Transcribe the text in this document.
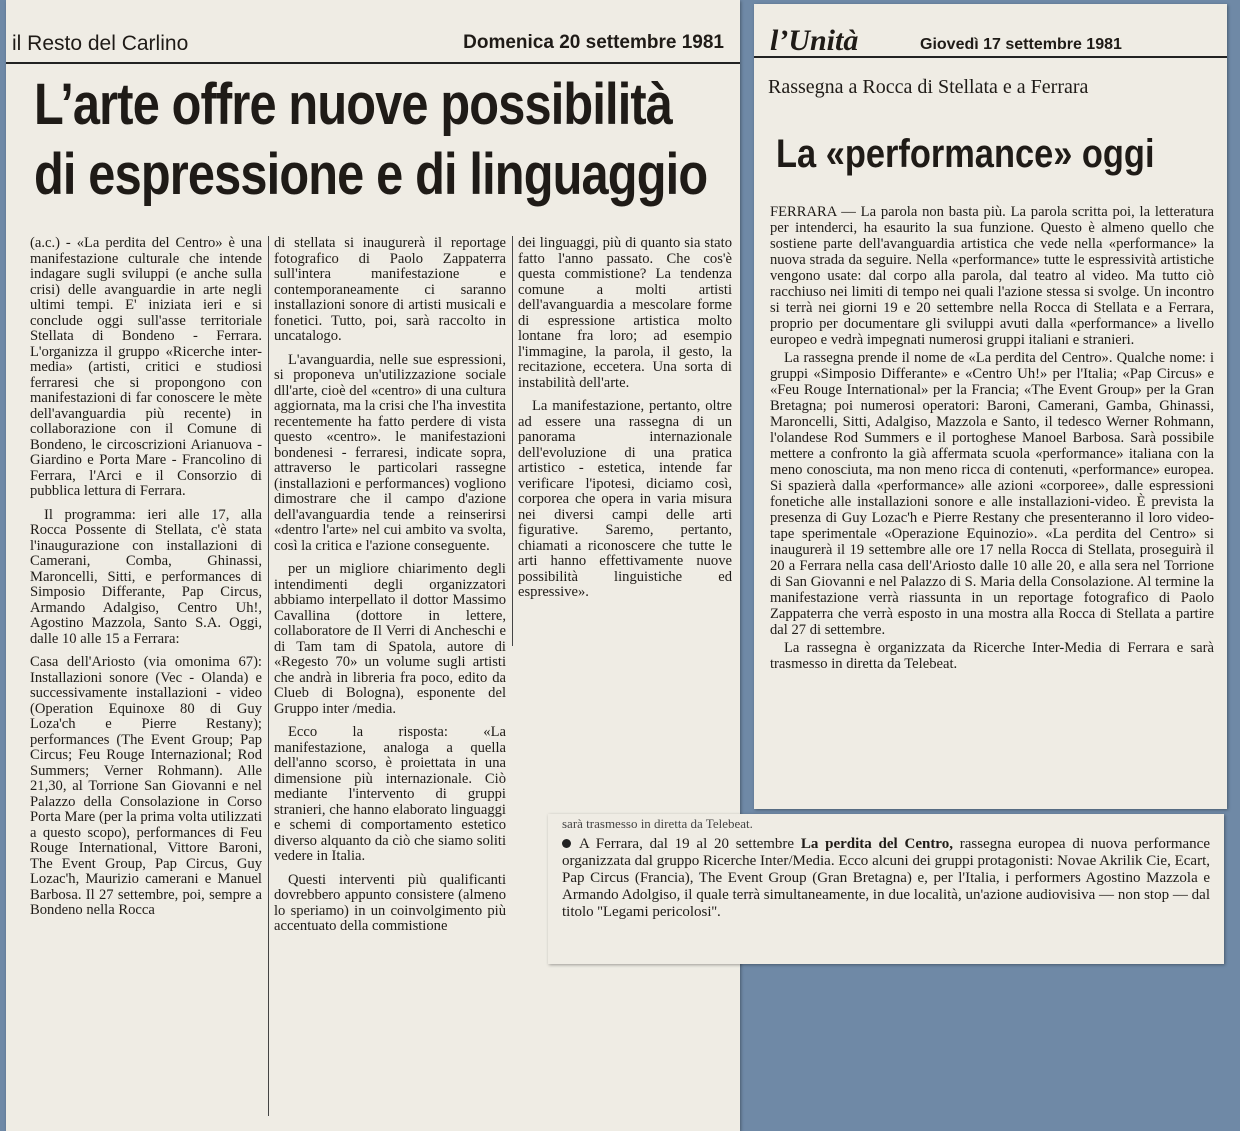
il Resto del Carlino	Domenica 20 settembre 1981
L’arte offre nuove possibilità
di espressione e di linguaggio

(a.c.) - «La perdita del Centro» è una manifestazione culturale che intende indagare sugli sviluppi (e anche sulla crisi) delle avanguardie in arte negli ultimi tempi. E' iniziata ieri e si conclude oggi sull'asse territoriale Stellata di Bondeno - Ferrara. L'organizza il gruppo «Ricerche inter-media» (artisti, critici e studiosi ferraresi che si propongono con manifestazioni di far conoscere le mète dell'avanguardia più recente) in collaborazione con il Comune di Bondeno, le circoscrizioni Arianuova - Giardino e Porta Mare - Francolino di Ferrara, l'Arci e il Consorzio di pubblica lettura di Ferrara.

Il programma: ieri alle 17, alla Rocca Possente di Stellata, c'è stata l'inaugurazione con installazioni di Camerani, Comba, Ghinassi, Maroncelli, Sitti, e performances di Simposio Differante, Pap Circus, Armando Adalgiso, Centro Uh!, Agostino Mazzola, Santo S.A. Oggi, dalle 10 alle 15 a Ferrara:

Casa dell'Ariosto (via omonima 67): Installazioni sonore (Vec - Olanda) e successivamente installazioni - video (Operation Equinoxe 80 di Guy Loza'ch e Pierre Restany); performances (The Event Group; Pap Circus; Feu Rouge Internazional; Rod Summers; Verner Rohmann). Alle 21,30, al Torrione San Giovanni e nel Palazzo della Consolazione in Corso Porta Mare (per la prima volta utilizzati a questo scopo), performances di Feu Rouge International, Vittore Baroni, The Event Group, Pap Circus, Guy Lozac'h, Maurizio camerani e Manuel Barbosa. Il 27 settembre, poi, sempre a Bondeno nella Rocca

di stellata si inaugurerà il reportage fotografico di Paolo Zappaterra sull'intera manifestazione e contemporaneamente ci saranno installazioni sonore di artisti musicali e fonetici. Tutto, poi, sarà raccolto in uncatalogo.

L'avanguardia, nelle sue espressioni, si proponeva un'utilizzazione sociale dll'arte, cioè del «centro» di una cultura aggiornata, ma la crisi che l'ha investita recentemente ha fatto perdere di vista questo «centro». le manifestazioni bondenesi - ferraresi, indicate sopra, attraverso le particolari rassegne (installazioni e performances) vogliono dimostrare che il campo d'azione dell'avanguardia tende a reinserirsi «dentro l'arte» nel cui ambito va svolta, così la critica e l'azione conseguente.

per un migliore chiarimento degli intendimenti degli organizzatori abbiamo interpellato il dottor Massimo Cavallina (dottore in lettere, collaboratore de Il Verri di Ancheschi e di Tam tam di Spatola, autore di «Regesto 70» un volume sugli artisti che andrà in libreria fra poco, edito da Clueb di Bologna), esponente del Gruppo inter /media.

Ecco la risposta: «La manifestazione, analoga a quella dell'anno scorso, è proiettata in una dimensione più internazionale. Ciò mediante l'intervento di gruppi stranieri, che hanno elaborato linguaggi e schemi di comportamento estetico diverso alquanto da ciò che siamo soliti vedere in Italia.

Questi interventi più qualificanti dovrebbero appunto consistere (almeno lo speriamo) in un coinvolgimento più accentuato della commistione

dei linguaggi, più di quanto sia stato fatto l'anno passato. Che cos'è questa commistione? La tendenza comune a molti artisti dell'avanguardia a mescolare forme di espressione artistica molto lontane fra loro; ad esempio l'immagine, la parola, il gesto, la recitazione, eccetera. Una sorta di instabilità dell'arte.

La manifestazione, pertanto, oltre ad essere una rassegna di un panorama internazionale dell'evoluzione di una pratica artistico - estetica, intende far verificare l'ipotesi, diciamo così, corporea che opera in varia misura nei diversi campi delle arti figurative. Saremo, pertanto, chiamati a riconoscere che tutte le arti hanno effettivamente nuove possibilità linguistiche ed espressive».

l’Unità	Giovedì 17 settembre 1981
Rassegna a Rocca di Stellata e a Ferrara
La «performance» oggi

FERRARA — La parola non basta più. La parola scritta poi, la letteratura per intenderci, ha esaurito la sua funzione. Questo è almeno quello che sostiene parte dell'avanguardia artistica che vede nella «performance» la nuova strada da seguire. Nella «performance» tutte le espressività artistiche vengono usate: dal corpo alla parola, dal teatro al video. Ma tutto ciò racchiuso nei limiti di tempo nei quali l'azione stessa si svolge. Un incontro si terrà nei giorni 19 e 20 settembre nella Rocca di Stellata e a Ferrara, proprio per documentare gli sviluppi avuti dalla «performance» a livello europeo e vedrà impegnati numerosi gruppi italiani e stranieri.

La rassegna prende il nome de «La perdita del Centro». Qualche nome: i gruppi «Simposio Differante» e «Centro Uh!» per l'Italia; «Pap Circus» e «Feu Rouge International» per la Francia; «The Event Group» per la Gran Bretagna; poi numerosi operatori: Baroni, Camerani, Gamba, Ghinassi, Maroncelli, Sitti, Adalgiso, Mazzola e Santo, il tedesco Werner Rohmann, l'olandese Rod Summers e il portoghese Manoel Barbosa. Sarà possibile mettere a confronto la già affermata scuola «performance» italiana con la meno conosciuta, ma non meno ricca di contenuti, «performance» europea. Si spazierà dalla «performance» alle azioni «corporee», dalle espressioni fonetiche alle installazioni sonore e alle installazioni-video. È prevista la presenza di Guy Lozac'h e Pierre Restany che presenteranno il loro video-tape sperimentale «Operazione Equinozio». «La perdita del Centro» si inaugurerà il 19 settembre alle ore 17 nella Rocca di Stellata, proseguirà il 20 a Ferrara nella casa dell'Ariosto dalle 10 alle 20, e alla sera nel Torrione di San Giovanni e nel Palazzo di S. Maria della Consolazione. Al termine la manifestazione verrà riassunta in un reportage fotografico di Paolo Zappaterra che verrà esposto in una mostra alla Rocca di Stellata a partire dal 27 di settembre.

La rassegna è organizzata da Ricerche Inter-Media di Ferrara e sarà trasmesso in diretta da Telebeat.

sarà trasmesso in diretta da Telebeat.
A Ferrara, dal 19 al 20 settembre La perdita del Centro, rassegna europea di nuova performance organizzata dal gruppo Ricerche Inter/Media. Ecco alcuni dei gruppi protagonisti: Novae Akrilik Cie, Ecart, Pap Circus (Francia), The Event Group (Gran Bretagna) e, per l'Italia, i performers Agostino Mazzola e Armando Adolgiso, il quale terrà simultaneamente, in due località, un'azione audiovisiva — non stop — dal titolo ''Legami pericolosi''.
